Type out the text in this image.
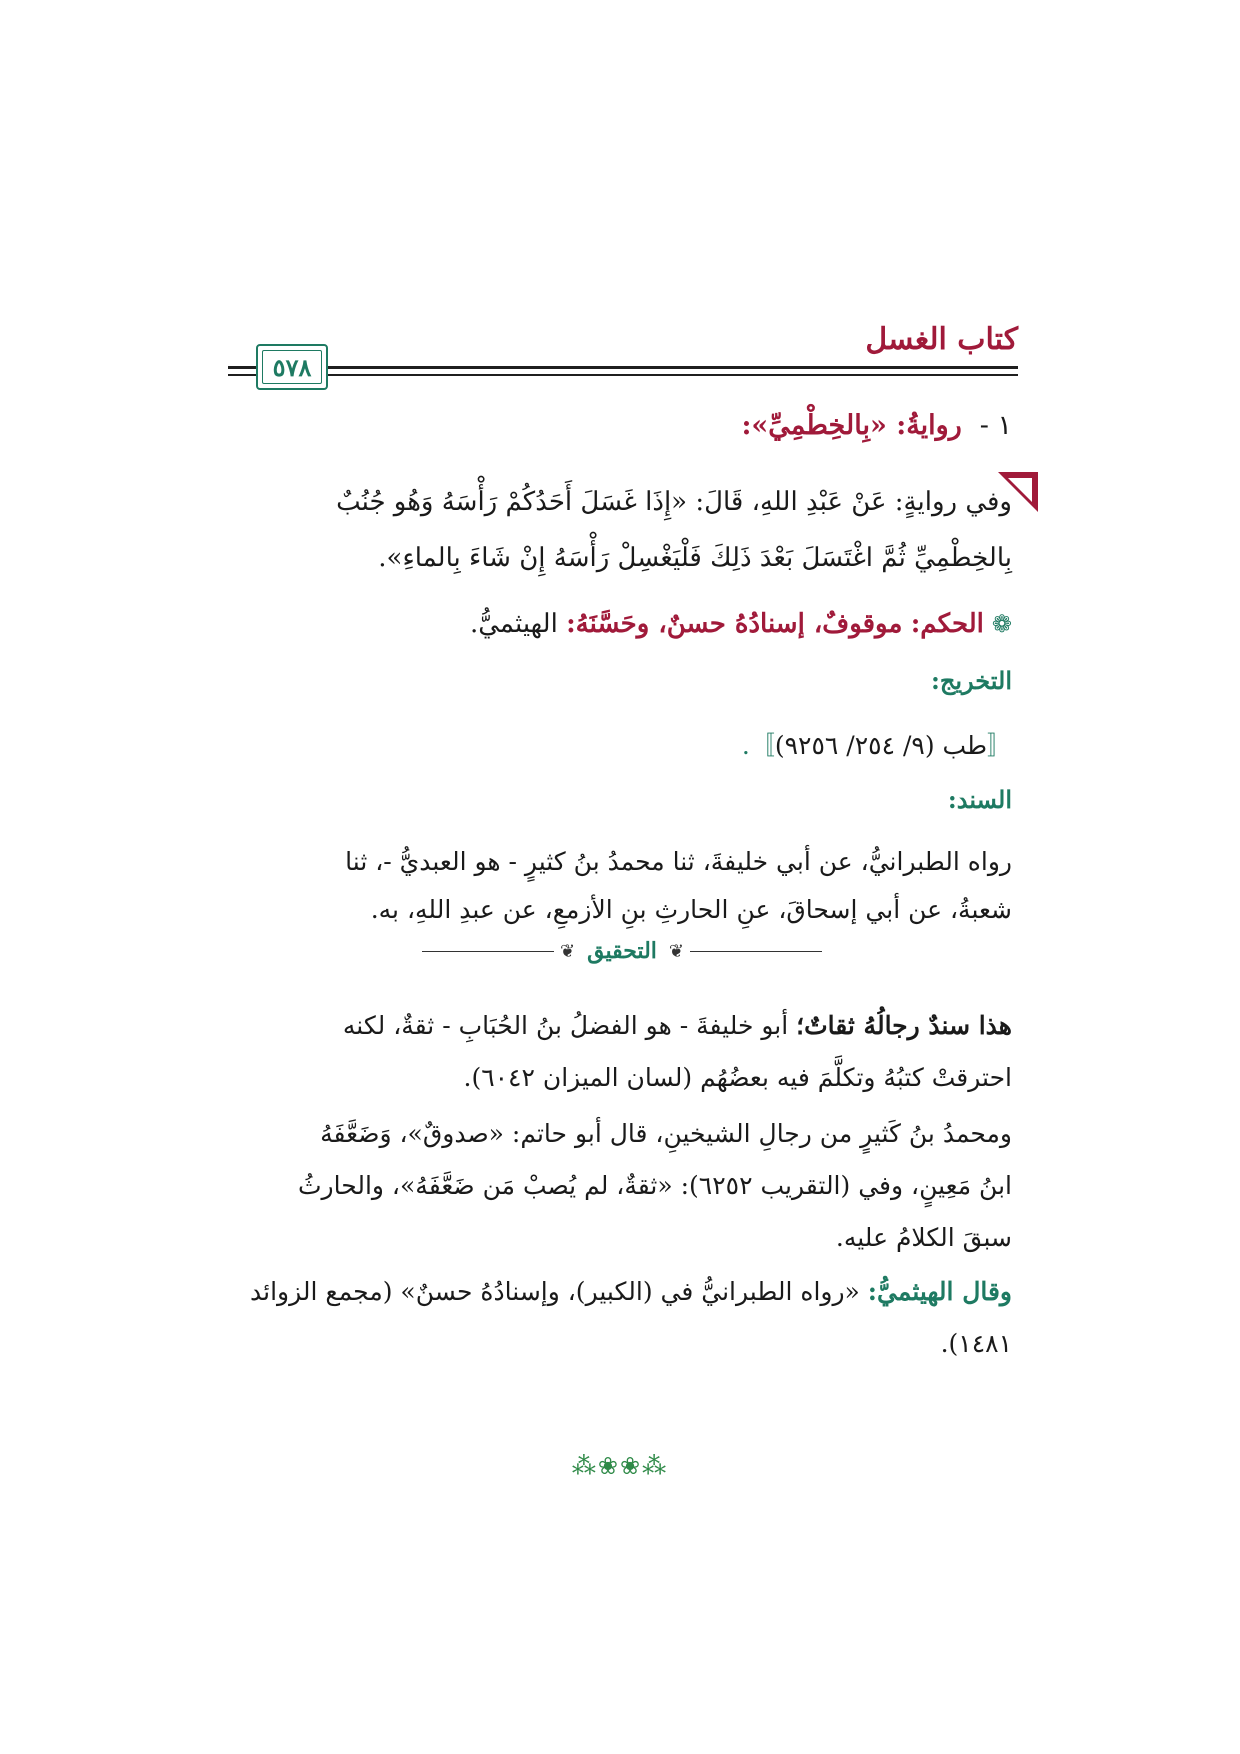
كتاب الغسل
٥٧٨
١ -روايةُ: «بِالخِطْمِيِّ»:
وفي روايةٍ: عَنْ عَبْدِ اللهِ، قَالَ: «إِذَا غَسَلَ أَحَدُكُمْ رَأْسَهُ وَهُو جُنُبٌ
بِالخِطْمِيِّ ثُمَّ اغْتَسَلَ بَعْدَ ذَلِكَ فَلْيَغْسِلْ رَأْسَهُ إِنْ شَاءَ بِالماءِ».
❁الحكم: موقوفٌ، إسنادُهُ حسنٌ، وحَسَّنَهُ: الهيثميُّ.
التخريج:
〚طب (٩/ ٢٥٤/ ٩٢٥٦)〛.
السند:
رواه الطبرانيُّ، عن أبي خليفةَ، ثنا محمدُ بنُ كثيرٍ - هو العبديُّ -، ثنا
شعبةُ، عن أبي إسحاقَ، عنِ الحارثِ بنِ الأزمعِ، عن عبدِ اللهِ، به.
❦
التحقيق
❦
هذا سندٌ رجالُهُ ثقاتٌ؛ أبو خليفةَ - هو الفضلُ بنُ الحُبَابِ - ثقةٌ، لكنه
احترقتْ كتبُهُ وتكلَّمَ فيه بعضُهُم (لسان الميزان ٦٠٤٢).
ومحمدُ بنُ كَثيرٍ من رجالِ الشيخينِ، قال أبو حاتم: «صدوقٌ»، وَضَعَّفَهُ
ابنُ مَعِينٍ، وفي (التقريب ٦٢٥٢): «ثقةٌ، لم يُصبْ مَن ضَعَّفَهُ»، والحارثُ
سبقَ الكلامُ عليه.
وقال الهيثميُّ: «رواه الطبرانيُّ في (الكبير)، وإسنادُهُ حسنٌ» (مجمع الزوائد
١٤٨١).
⁂❀❀⁂
